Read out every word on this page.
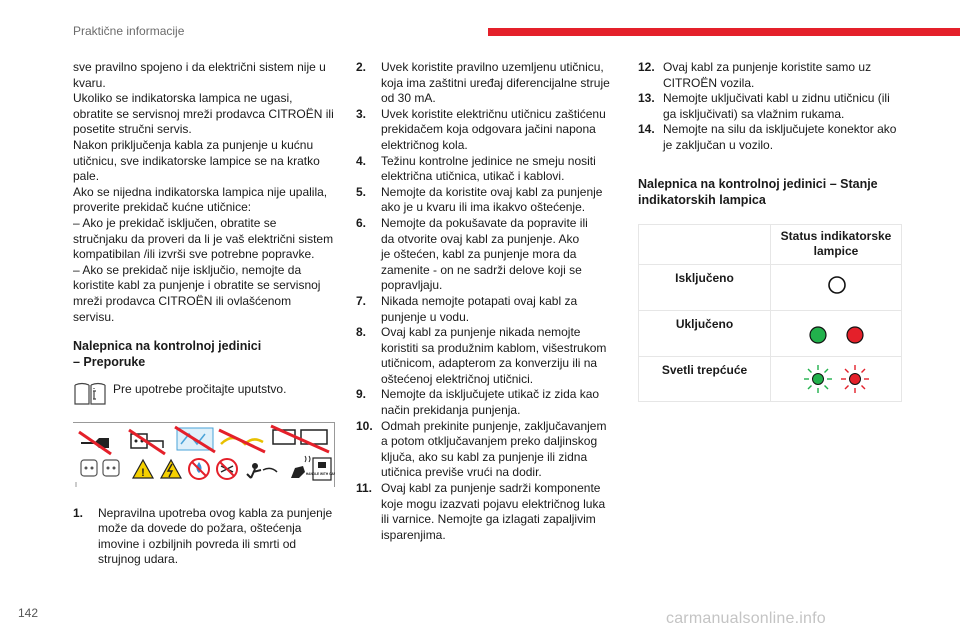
Praktične informacije
sve pravilno spojeno i da električni sistem nije u
kvaru.
Ukoliko se indikatorska lampica ne ugasi,
obratite se servisnoj mreži prodavca CITROËN ili
posetite stručni servis.
Nakon priključenja kabla za punjenje u kućnu
utičnicu, sve indikatorske lampice se na kratko
pale.
Ako se nijedna indikatorska lampica nije upalila,
proverite prekidač kućne utičnice:
– Ako je prekidač isključen, obratite se
stručnjaku da proveri da li je vaš električni sistem
kompatibilan /ili izvrši sve potrebne popravke.
– Ako se prekidač nije isključio, nemojte da
koristite kabl za punjenje i obratite se servisnoj
mreži prodavca CITROËN ili ovlašćenom
servisu.
Nalepnica na kontrolnoj jedinici
– Preporuke
Pre upotrebe pročitajte uputstvo.
!	HANDLE WITH CARE
1.	Nepravilna upotreba ovog kabla za punjenje
može da dovede do požara, oštećenja
imovine i ozbiljnih povreda ili smrti od
strujnog udara.
2.	Uvek koristite pravilno uzemljenu utičnicu,
koja ima zaštitni uređaj diferencijalne struje
od 30 mA.
3.	Uvek koristite električnu utičnicu zaštićenu
prekidačem koja odgovara jačini napona
električnog kola.
4.	Težinu kontrolne jedinice ne smeju nositi
električna utičnica, utikač i kablovi.
5.	Nemojte da koristite ovaj kabl za punjenje
ako je u kvaru ili ima ikakvo oštećenje.
6.	Nemojte da pokušavate da popravite ili
da otvorite ovaj kabl za punjenje. Ako
je oštećen, kabl za punjenje mora da
zamenite - on ne sadrži delove koji se
popravljaju.
7.	Nikada nemojte potapati ovaj kabl za
punjenje u vodu.
8.	Ovaj kabl za punjenje nikada nemojte
koristiti sa produžnim kablom, višestrukom
utičnicom, adapterom za konverziju ili na
oštećenoj električnoj utičnici.
9.	Nemojte da isključujete utikač iz zida kao
način prekidanja punjenja.
10. Odmah prekinite punjenje, zaključavanjem
a potom otključavanjem preko daljinskog
ključa, ako su kabl za punjenje ili zidna
utičnica previše vrući na dodir.
11. Ovaj kabl za punjenje sadrži komponente
koje mogu izazvati pojavu električnog luka
ili varnice. Nemojte ga izlagati zapaljivim
isparenjima.
12. Ovaj kabl za punjenje koristite samo uz
CITROËN vozila.
13. Nemojte uključivati kabl u zidnu utičnicu (ili
ga isključivati) sa vlažnim rukama.
14. Nemojte na silu da isključujete konektor ako
je zaključan u vozilo.
Nalepnica na kontrolnoj jedinici – Stanje indikatorskih lampica
	Status indikatorske lampice
Isključeno	

Uključeno	

Svetli trepćuće	
142	carmanualsonline.info
